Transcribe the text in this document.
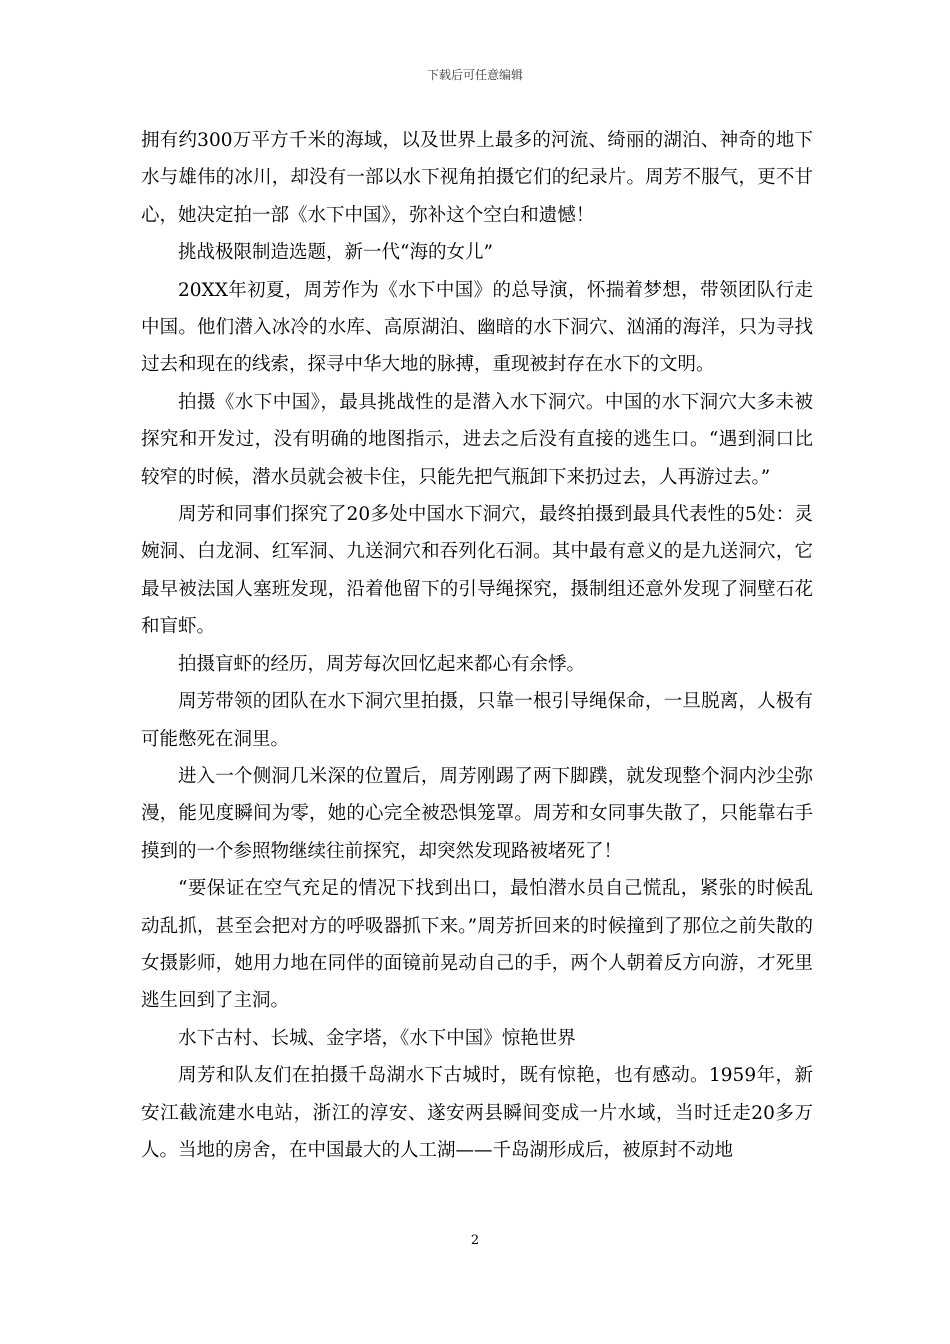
下载后可任意编辑

拥有约300万平方千米的海域，以及世界上最多的河流、绮丽的湖泊、神奇的地下水与雄伟的冰川，却没有一部以水下视角拍摄它们的纪录片。周芳不服气，更不甘心，她决定拍一部《水下中国》，弥补这个空白和遗憾！

挑战极限制造选题，新一代“海的女儿”

20XX年初夏，周芳作为《水下中国》的总导演，怀揣着梦想，带领团队行走中国。他们潜入冰冷的水库、高原湖泊、幽暗的水下洞穴、汹涌的海洋，只为寻找过去和现在的线索，探寻中华大地的脉搏，重现被封存在水下的文明。

拍摄《水下中国》，最具挑战性的是潜入水下洞穴。中国的水下洞穴大多未被探究和开发过，没有明确的地图指示，进去之后没有直接的逃生口。“遇到洞口比较窄的时候，潜水员就会被卡住，只能先把气瓶卸下来扔过去，人再游过去。”

周芳和同事们探究了20多处中国水下洞穴，最终拍摄到最具代表性的5处：灵婉洞、白龙洞、红军洞、九送洞穴和吞列化石洞。其中最有意义的是九送洞穴，它最早被法国人塞班发现，沿着他留下的引导绳探究，摄制组还意外发现了洞壁石花和盲虾。

拍摄盲虾的经历，周芳每次回忆起来都心有余悸。

周芳带领的团队在水下洞穴里拍摄，只靠一根引导绳保命，一旦脱离，人极有可能憋死在洞里。

进入一个侧洞几米深的位置后，周芳刚踢了两下脚蹼，就发现整个洞内沙尘弥漫，能见度瞬间为零，她的心完全被恐惧笼罩。周芳和女同事失散了，只能靠右手摸到的一个参照物继续往前探究，却突然发现路被堵死了！

“要保证在空气充足的情况下找到出口，最怕潜水员自己慌乱，紧张的时候乱动乱抓，甚至会把对方的呼吸器抓下来。”周芳折回来的时候撞到了那位之前失散的女摄影师，她用力地在同伴的面镜前晃动自己的手，两个人朝着反方向游，才死里逃生回到了主洞。

水下古村、长城、金字塔，《水下中国》惊艳世界

周芳和队友们在拍摄千岛湖水下古城时，既有惊艳，也有感动。1959年，新安江截流建水电站，浙江的淳安、遂安两县瞬间变成一片水域，当时迁走20多万人。当地的房舍，在中国最大的人工湖——千岛湖形成后，被原封不动地

2
